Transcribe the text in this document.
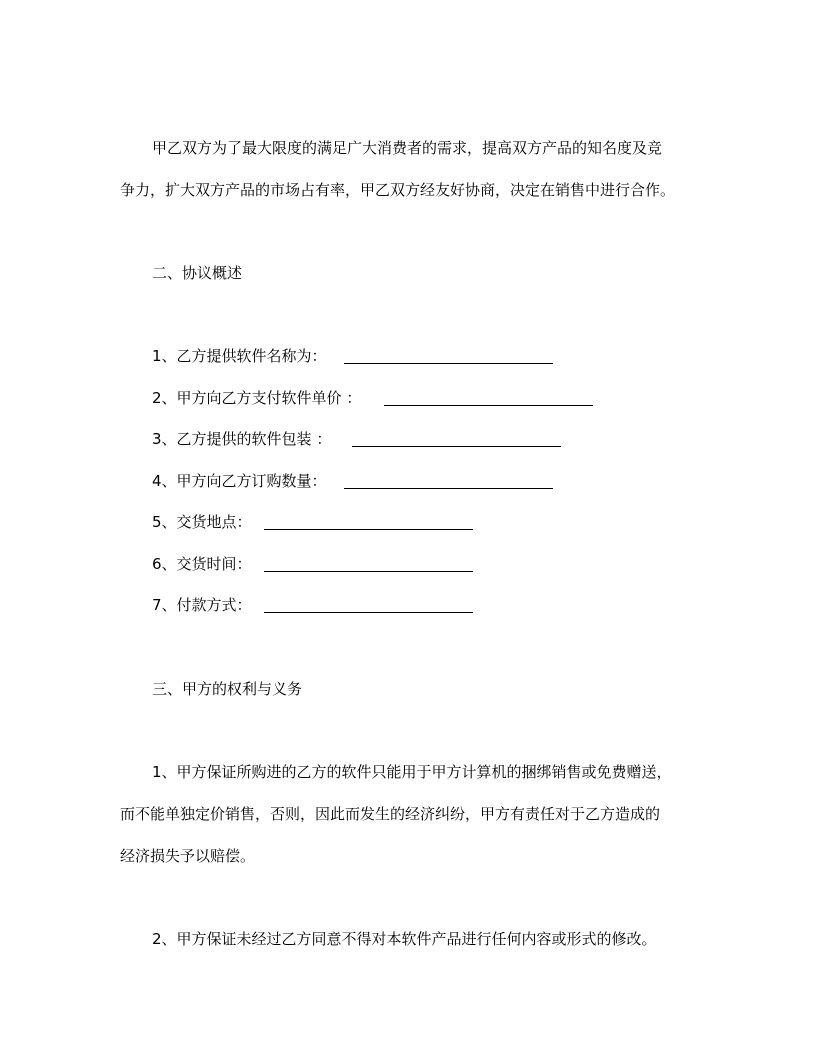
甲乙双方为了最大限度的满足广大消费者的需求，提高双方产品的知名度及竞
争力，扩大双方产品的市场占有率，甲乙双方经友好协商，决定在销售中进行合作。
二、协议概述
1、乙方提供软件名称为：
2、甲方向乙方支付软件单价 ：
3、乙方提供的软件包装 ：
4、甲方向乙方订购数量：
5、交货地点：
6、交货时间：
7、付款方式：
三、甲方的权利与义务
1、甲方保证所购进的乙方的软件只能用于甲方计算机的捆绑销售或免费赠送，
而不能单独定价销售，否则，因此而发生的经济纠纷，甲方有责任对于乙方造成的
经济损失予以赔偿。
2、甲方保证未经过乙方同意不得对本软件产品进行任何内容或形式的修改。
